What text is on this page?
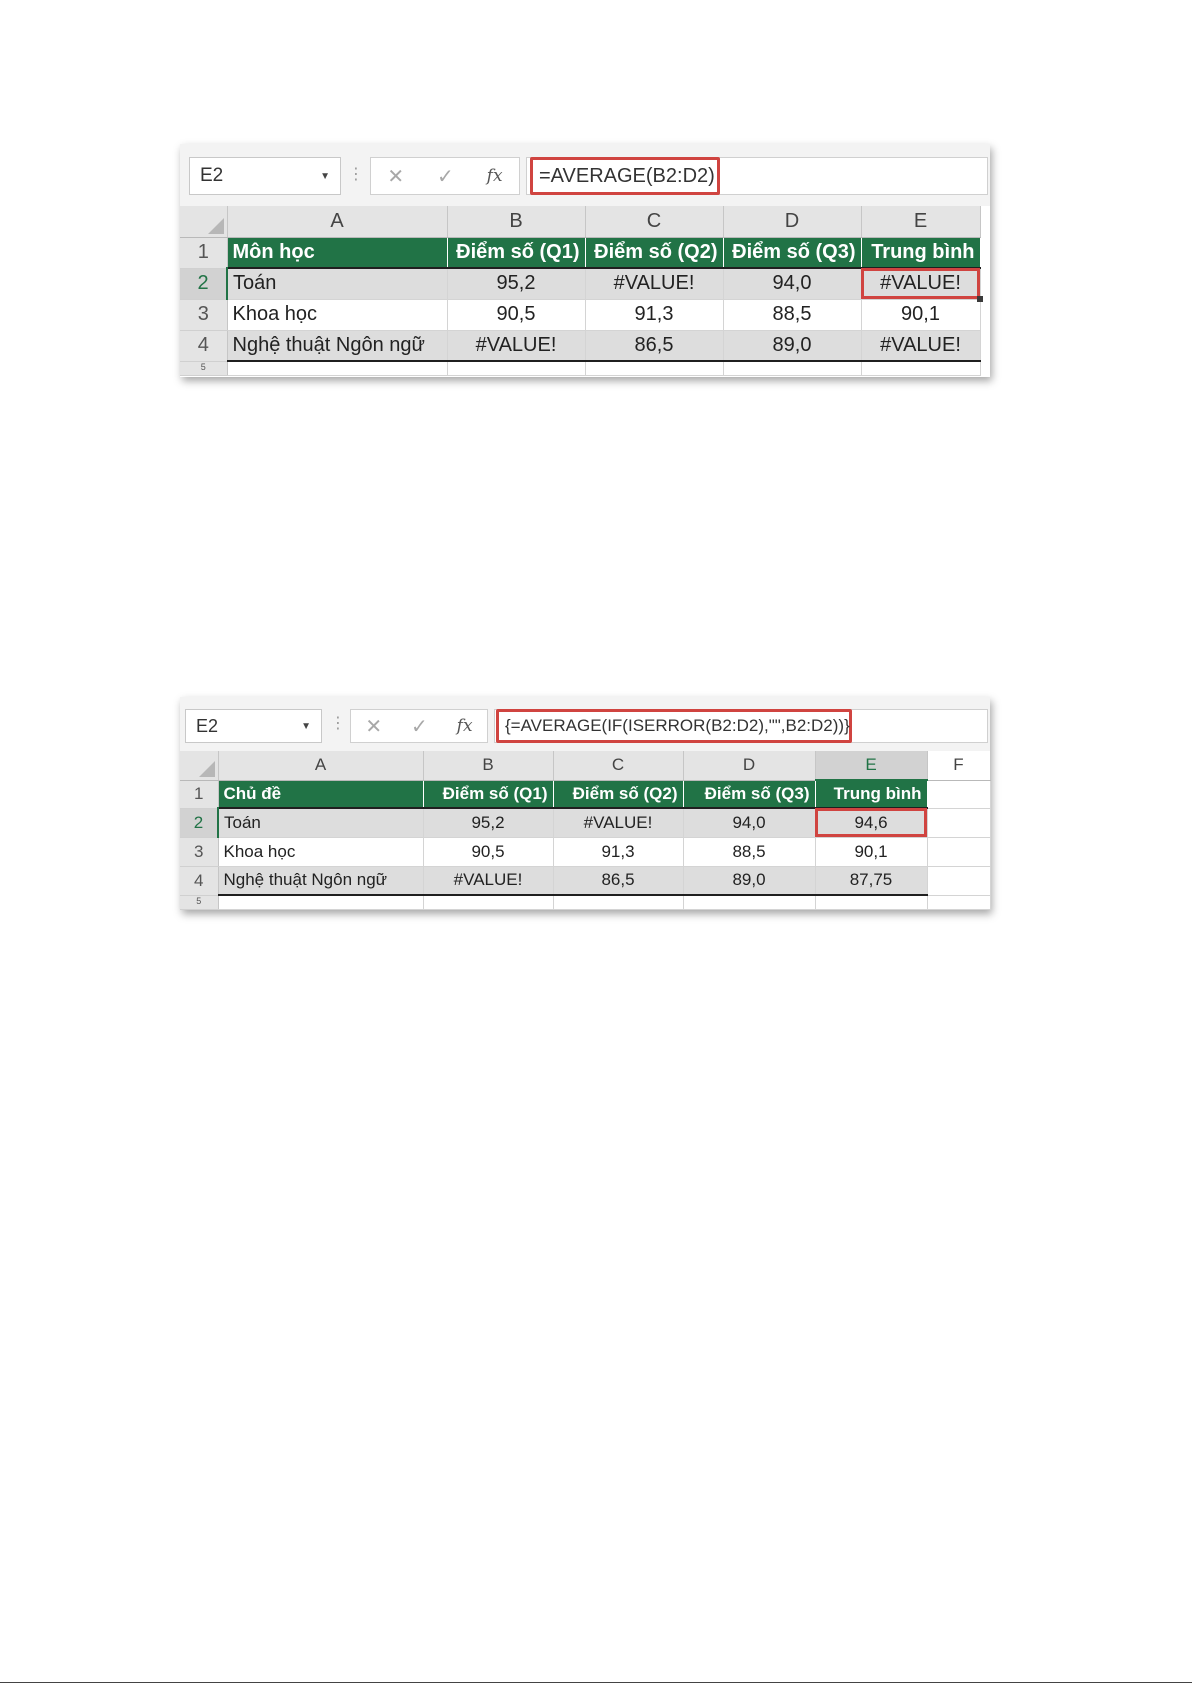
E2	▼ ⋮ ✕ ✓ fx =AVERAGE(B2:D2)
	A	B	C	D	E
1	Môn học	Điểm số (Q1)	Điểm số (Q2)	Điểm số (Q3)	Trung bình
2	Toán	95,2	#VALUE!	94,0	#VALUE!

3	Khoa học	90,5	91,3	88,5	90,1
4	Nghệ thuật Ngôn ngữ	#VALUE!	86,5	89,0	#VALUE!
5					
E2	▼ ⋮ ✕ ✓ fx {=AVERAGE(IF(ISERROR(B2:D2),"",B2:D2))}
	A	B	C	D	E	F
1	Chủ đề	Điểm số (Q1)	Điểm số (Q2)	Điểm số (Q3)	Trung bình	
2	Toán	95,2	#VALUE!	94,0	94,6	
3	Khoa học	90,5	91,3	88,5	90,1	
4	Nghệ thuật Ngôn ngữ	#VALUE!	86,5	89,0	87,75	
5						
